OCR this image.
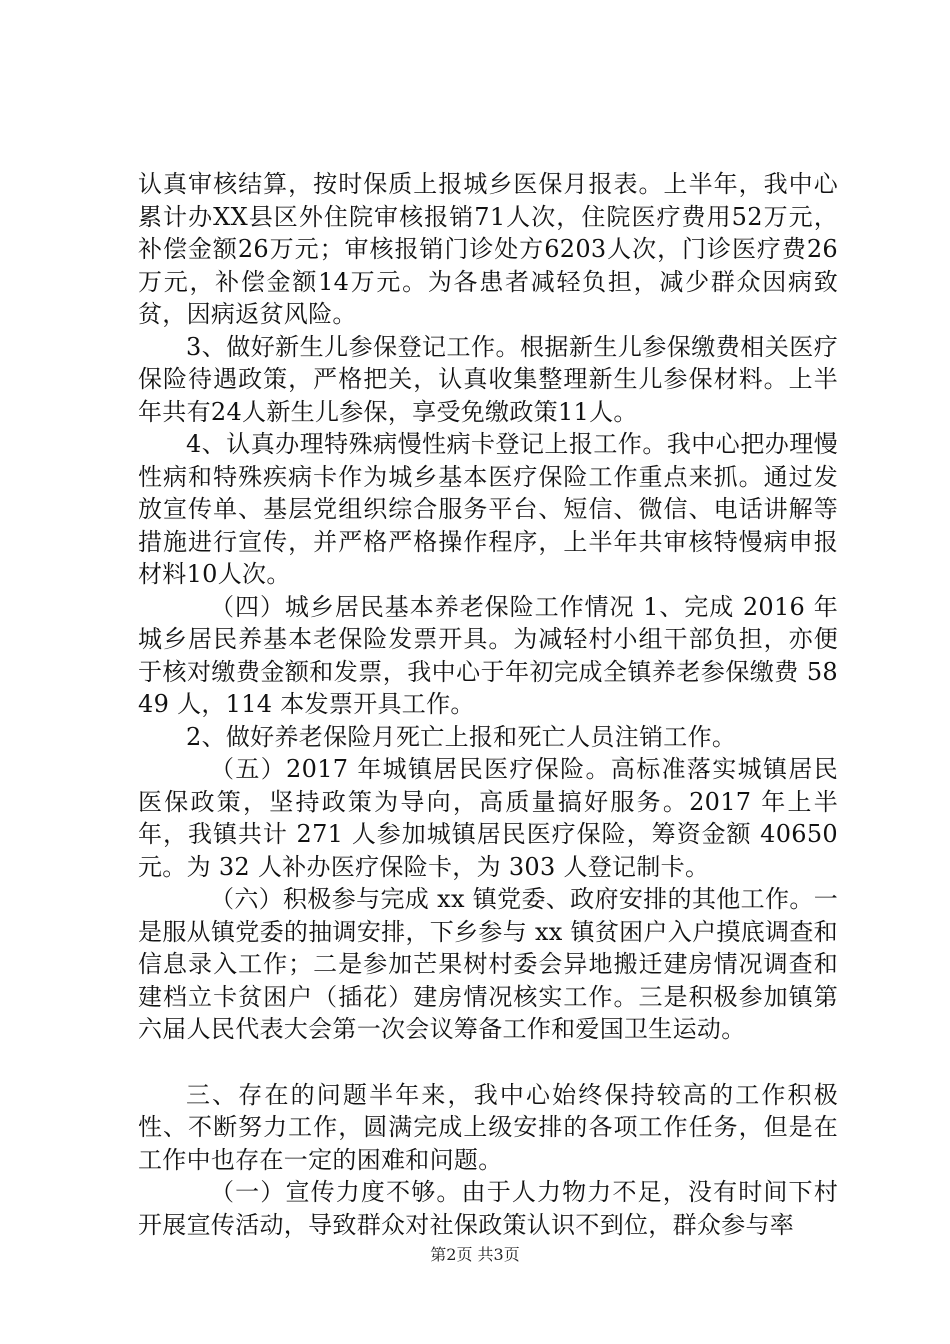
认真审核结算，按时保质上报城乡医保月报表。上半年，我中心累计办XX县区外住院审核报销71人次，住院医疗费用52万元，补偿金额26万元；审核报销门诊处方6203人次，门诊医疗费26万元，补偿金额14万元。为各患者减轻负担，减少群众因病致贫，因病返贫风险。

3、做好新生儿参保登记工作。根据新生儿参保缴费相关医疗保险待遇政策，严格把关，认真收集整理新生儿参保材料。上半年共有24人新生儿参保，享受免缴政策11人。

4、认真办理特殊病慢性病卡登记上报工作。我中心把办理慢性病和特殊疾病卡作为城乡基本医疗保险工作重点来抓。通过发放宣传单、基层党组织综合服务平台、短信、微信、电话讲解等措施进行宣传，并严格严格操作程序，上半年共审核特慢病申报材料10人次。

（四）城乡居民基本养老保险工作情况 1、完成 2016 年城乡居民养基本老保险发票开具。为减轻村小组干部负担，亦便于核对缴费金额和发票，我中心于年初完成全镇养老参保缴费 5849 人，114 本发票开具工作。

2、做好养老保险月死亡上报和死亡人员注销工作。

（五）2017 年城镇居民医疗保险。高标准落实城镇居民医保政策，坚持政策为导向，高质量搞好服务。2017 年上半年，我镇共计 271 人参加城镇居民医疗保险，筹资金额 40650 元。为 32 人补办医疗保险卡，为 303 人登记制卡。

（六）积极参与完成 xx 镇党委、政府安排的其他工作。一是服从镇党委的抽调安排，下乡参与 xx 镇贫困户入户摸底调查和信息录入工作；二是参加芒果树村委会异地搬迁建房情况调查和建档立卡贫困户（插花）建房情况核实工作。三是积极参加镇第六届人民代表大会第一次会议筹备工作和爱国卫生运动。

三、存在的问题半年来，我中心始终保持较高的工作积极性、不断努力工作，圆满完成上级安排的各项工作任务，但是在工作中也存在一定的困难和问题。

（一）宣传力度不够。由于人力物力不足，没有时间下村开展宣传活动，导致群众对社保政策认识不到位，群众参与率

第2页 共3页
